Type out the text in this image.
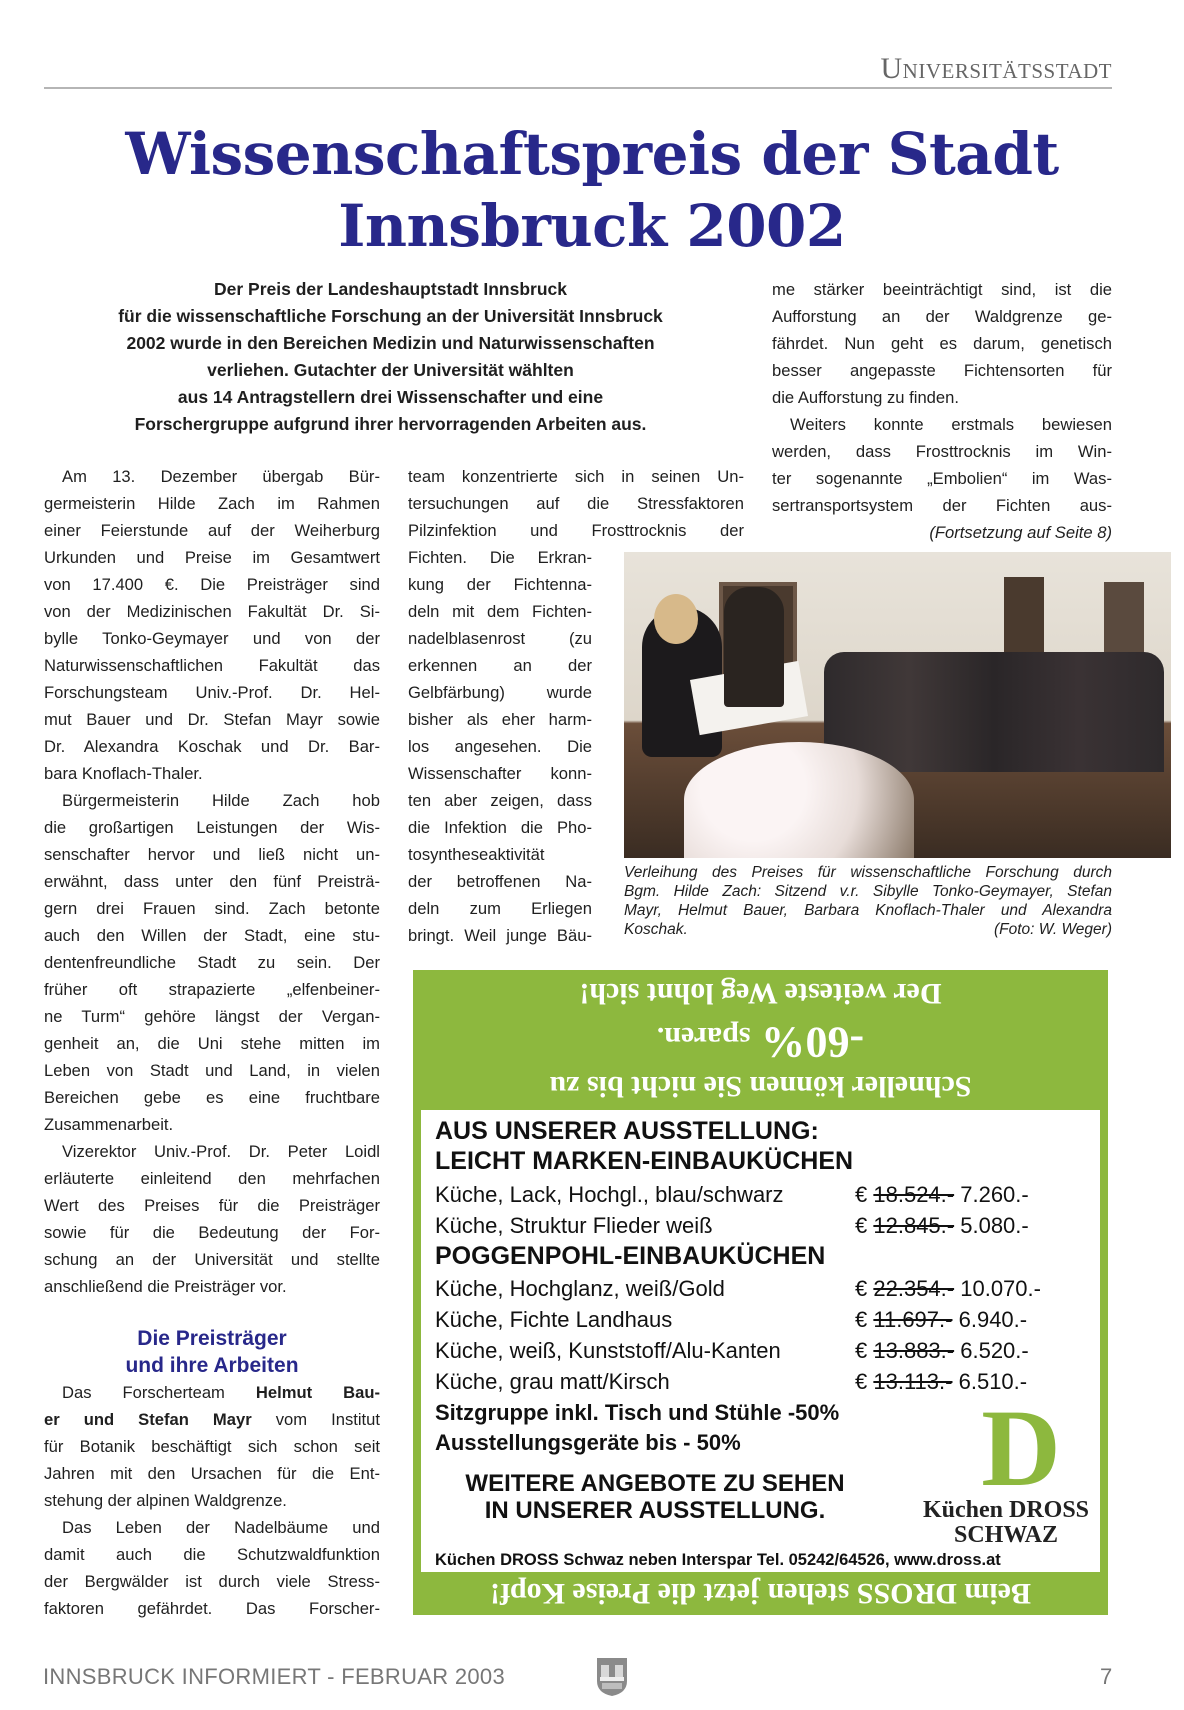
Universitätsstadt
Wissenschaftspreis der Stadt
Innsbruck 2002
Der Preis der Landeshauptstadt Innsbruck
für die wissenschaftliche Forschung an der Universität Innsbruck
2002 wurde in den Bereichen Medizin und Naturwissenschaften
verliehen. Gutachter der Universität wählten
aus 14 Antragstellern drei Wissenschafter und eine
Forschergruppe aufgrund ihrer hervorragenden Arbeiten aus.
Am 13. Dezember übergab Bür-
germeisterin Hilde Zach im Rahmen
einer Feierstunde auf der Weiherburg
Urkunden und Preise im Gesamtwert
von 17.400 €. Die Preisträger sind
von der Medizinischen Fakultät Dr. Si-
bylle Tonko-Geymayer und von der
Naturwissenschaftlichen Fakultät das
Forschungsteam Univ.-Prof. Dr. Hel-
mut Bauer und Dr. Stefan Mayr sowie
Dr. Alexandra Koschak und Dr. Bar-
bara Knoflach-Thaler.
Bürgermeisterin Hilde Zach hob
die großartigen Leistungen der Wis-
senschafter hervor und ließ nicht un-
erwähnt, dass unter den fünf Preisträ-
gern drei Frauen sind. Zach betonte
auch den Willen der Stadt, eine stu-
dentenfreundliche Stadt zu sein. Der
früher oft strapazierte „elfenbeiner-
ne Turm“ gehöre längst der Vergan-
genheit an, die Uni stehe mitten im
Leben von Stadt und Land, in vielen
Bereichen gebe es eine fruchtbare
Zusammenarbeit.
Vizerektor Univ.-Prof. Dr. Peter Loidl
erläuterte einleitend den mehrfachen
Wert des Preises für die Preisträger
sowie für die Bedeutung der For-
schung an der Universität und stellte
anschließend die Preisträger vor.
Das Forscherteam Helmut Bau-
er und Stefan Mayr vom Institut
für Botanik beschäftigt sich schon seit
Jahren mit den Ursachen für die Ent-
stehung der alpinen Waldgrenze.
Das Leben der Nadelbäume und
damit auch die Schutzwaldfunktion
der Bergwälder ist durch viele Stress-
faktoren gefährdet. Das Forscher-
Die Preisträger
und ihre Arbeiten
team konzentrierte sich in seinen Un-
tersuchungen auf die Stressfaktoren
Pilzinfektion und Frosttrocknis der
Fichten. Die Erkran-
kung der Fichtenna-
deln mit dem Fichten-
nadelblasenrost (zu
erkennen an der
Gelbfärbung) wurde
bisher als eher harm-
los angesehen. Die
Wissenschafter konn-
ten aber zeigen, dass
die Infektion die Pho-
tosyntheseaktivität
der betroffenen Na-
deln zum Erliegen
bringt. Weil junge Bäu-
me stärker beeinträchtigt sind, ist die
Aufforstung an der Waldgrenze ge-
fährdet. Nun geht es darum, genetisch
besser angepasste Fichtensorten für
die Aufforstung zu finden.
Weiters konnte erstmals bewiesen
werden, dass Frosttrocknis im Win-
ter sogenannte „Embolien“ im Was-
sertransportsystem der Fichten aus-
(Fortsetzung auf Seite 8)
Verleihung des Preises für wissenschaftliche Forschung durch
Bgm. Hilde Zach: Sitzend v.r. Sibylle Tonko-Geymayer, Stefan
Mayr, Helmut Bauer, Barbara Knoflach-Thaler und Alexandra
Koschak.	(Foto: W. Weger)
Schneller können Sie nicht bis zu
-60% sparen.
Der weiteste Weg lohnt sich!
AUS UNSERER AUSSTELLUNG:
LEICHT MARKEN-EINBAUKÜCHEN
Küche, Lack, Hochgl., blau/schwarz	€ 18.524.- 7.260.-
Küche, Struktur Flieder weiß	€ 12.845.- 5.080.-
POGGENPOHL-EINBAUKÜCHEN
Küche, Hochglanz, weiß/Gold	€ 22.354.- 10.070.-
Küche, Fichte Landhaus	€ 11.697.- 6.940.-
Küche, weiß, Kunststoff/Alu-Kanten	€ 13.883.- 6.520.-
Küche, grau matt/Kirsch	€ 13.113.- 6.510.-
Sitzgruppe inkl. Tisch und Stühle -50%
Ausstellungsgeräte bis - 50%
WEITERE ANGEBOTE ZU SEHEN
IN UNSERER AUSSTELLUNG.
D
Küchen DROSS
SCHWAZ
Küchen DROSS Schwaz neben Interspar Tel. 05242/64526, www.dross.at
Beim DROSS stehen jetzt die Preise Kopf!
INNSBRUCK INFORMIERT - FEBRUAR 2003	7
